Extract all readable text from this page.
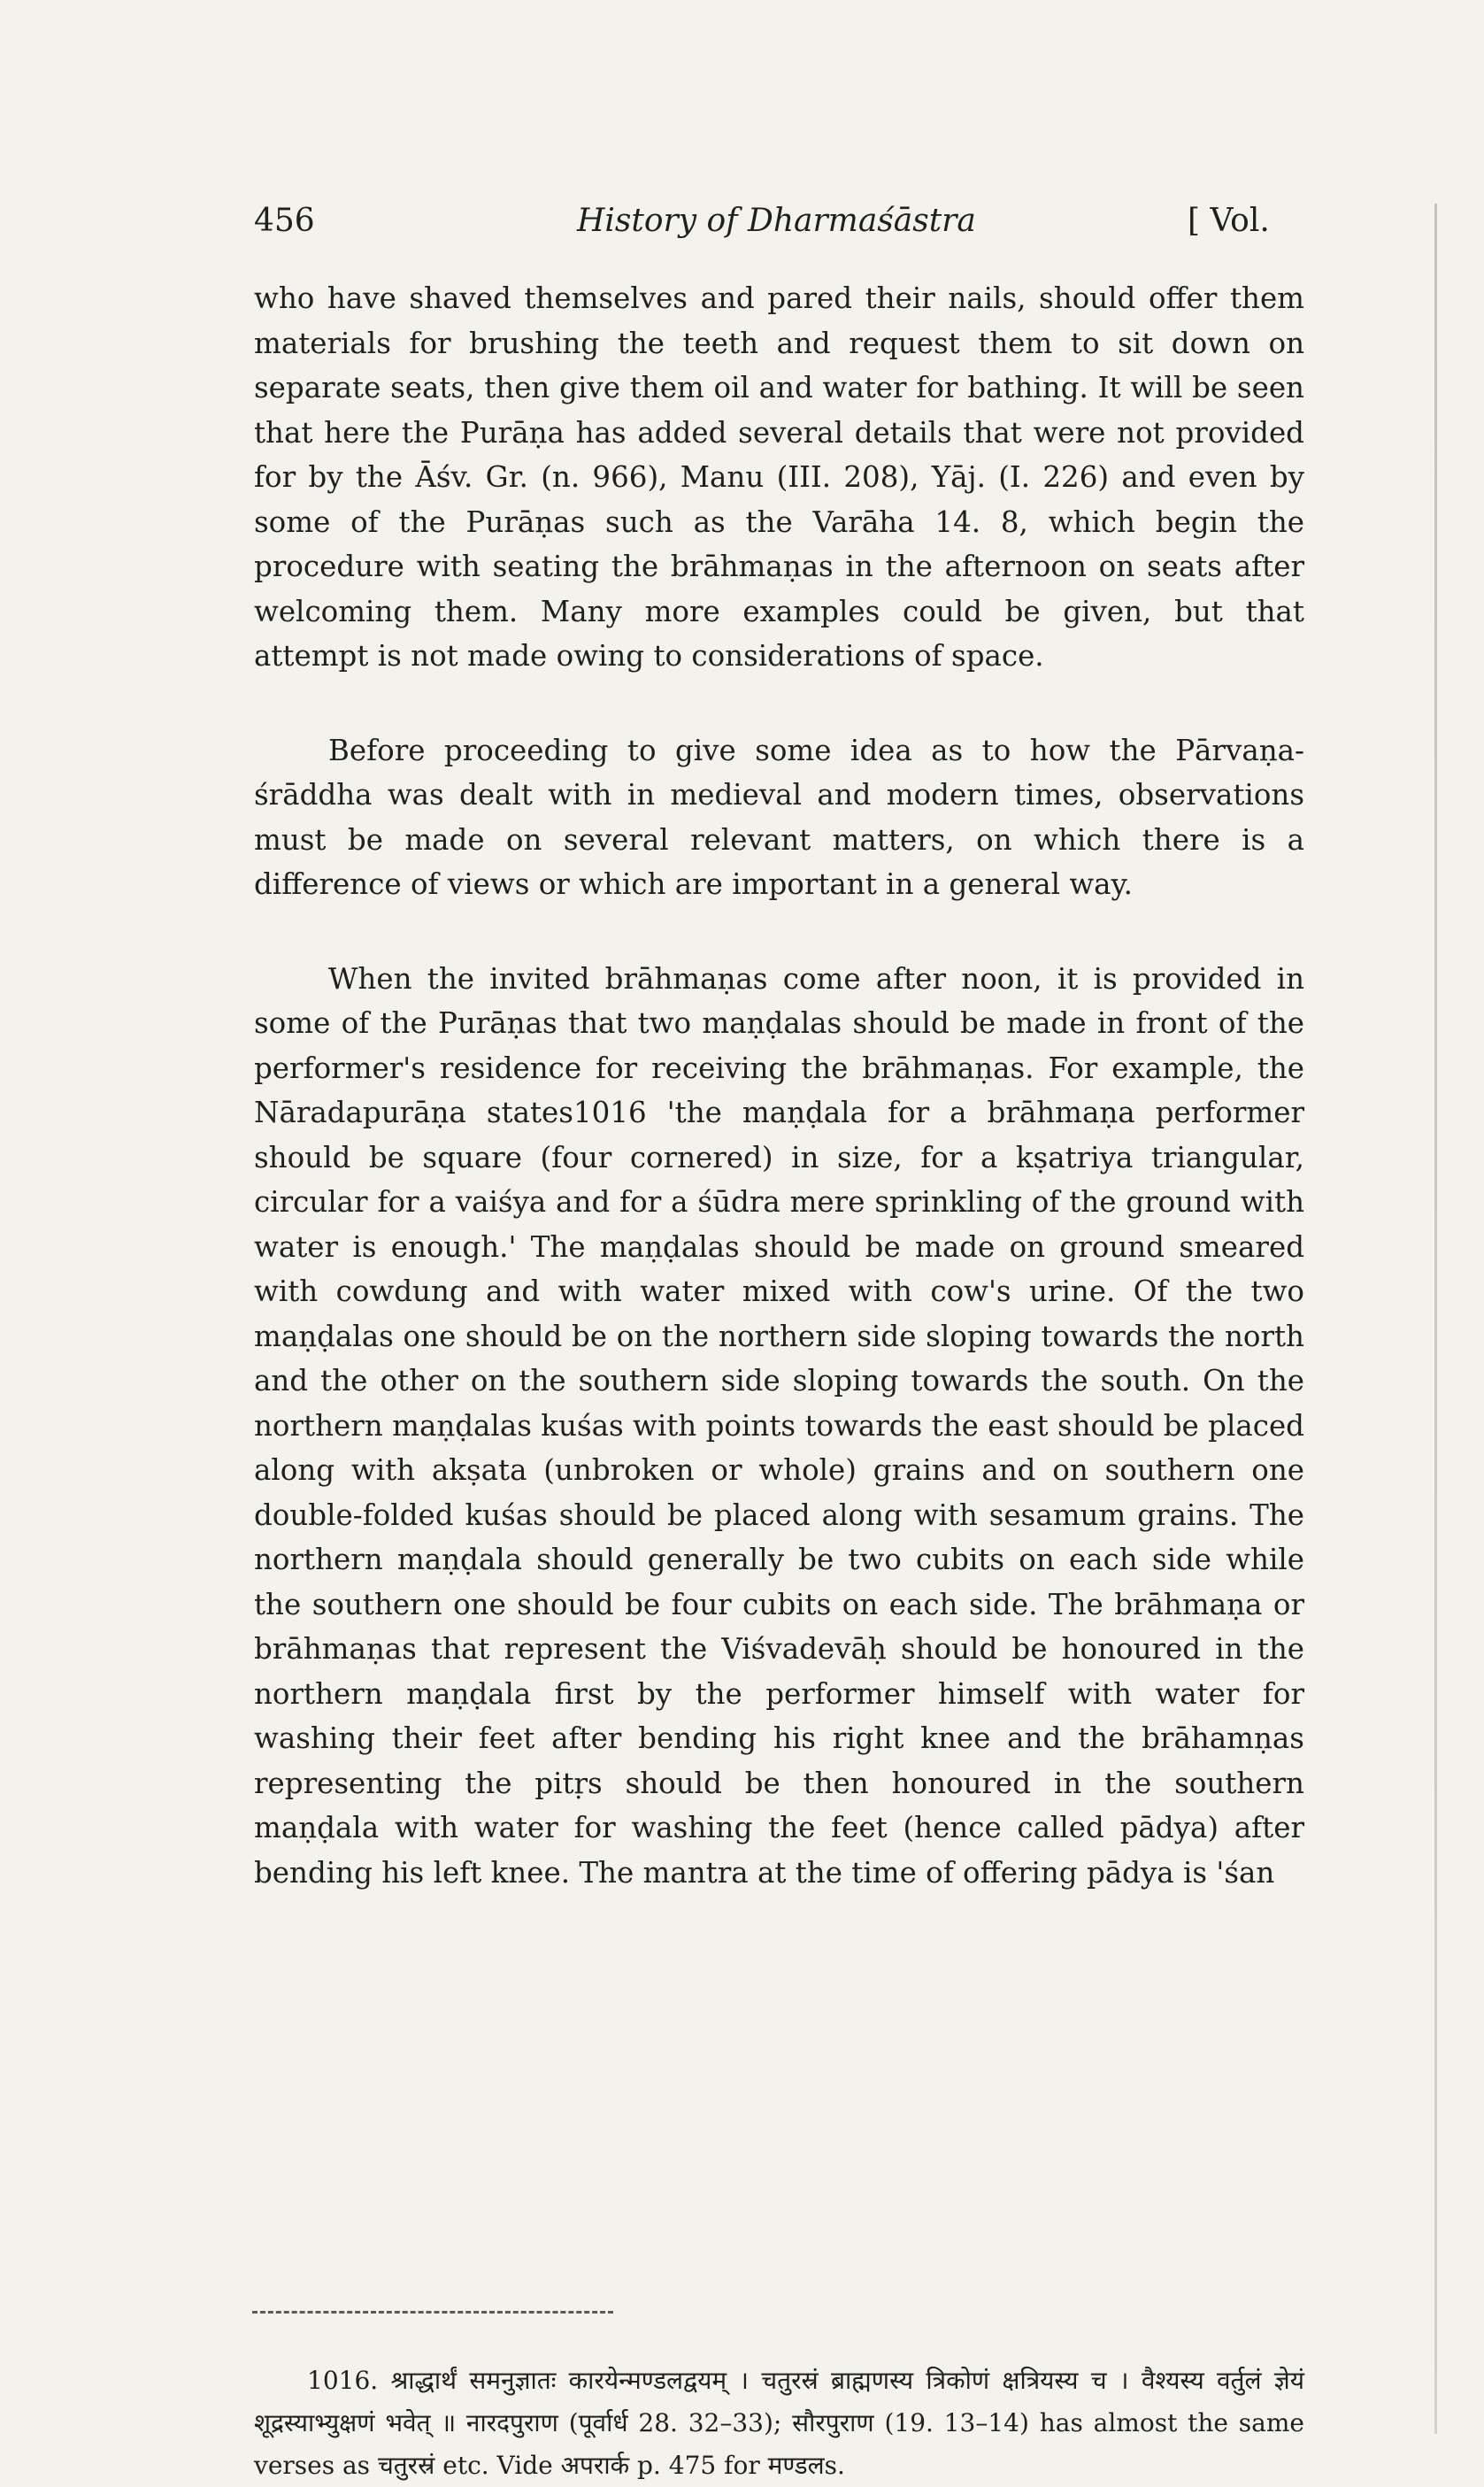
456	History of Dharmaśāstra	[ Vol.

who have shaved themselves and pared their nails, should offer them materials for brushing the teeth and request them to sit down on separate seats, then give them oil and water for bathing. It will be seen that here the Purāṇa has added several details that were not provided for by the Āśv. Gr. (n. 966), Manu (III. 208), Yāj. (I. 226) and even by some of the Purāṇas such as the Varāha 14. 8, which begin the procedure with seating the brāhmaṇas in the afternoon on seats after welcoming them. Many more examples could be given, but that attempt is not made owing to considerations of space.

Before proceeding to give some idea as to how the Pārvaṇa-śrāddha was dealt with in medieval and modern times, observations must be made on several relevant matters, on which there is a difference of views or which are important in a general way.

When the invited brāhmaṇas come after noon, it is provided in some of the Purāṇas that two maṇḍalas should be made in front of the performer's residence for receiving the brāhmaṇas. For example, the Nāradapurāṇa states1016 'the maṇḍala for a brāhmaṇa performer should be square (four cornered) in size, for a kṣatriya triangular, circular for a vaiśya and for a śūdra mere sprinkling of the ground with water is enough.' The maṇḍalas should be made on ground smeared with cowdung and with water mixed with cow's urine. Of the two maṇḍalas one should be on the northern side sloping towards the north and the other on the southern side sloping towards the south. On the northern maṇḍalas kuśas with points towards the east should be placed along with akṣata (unbroken or whole) grains and on southern one double-folded kuśas should be placed along with sesamum grains. The northern maṇḍala should generally be two cubits on each side while the southern one should be four cubits on each side. The brāhmaṇa or brāhmaṇas that represent the Viśvadevāḥ should be honoured in the northern maṇḍala first by the performer himself with water for washing their feet after bending his right knee and the brāhamṇas representing the pitṛs should be then honoured in the southern maṇḍala with water for washing the feet (hence called pādya) after bending his left knee. The mantra at the time of offering pādya is 'śan

1016. श्राद्धार्थं समनुज्ञातः कारयेन्मण्डलद्वयम् । चतुरस्रं ब्राह्मणस्य त्रिकोणं क्षत्रियस्य च । वैश्यस्य वर्तुलं ज्ञेयं शूद्रस्याभ्युक्षणं भवेत् ॥ नारदपुराण (पूर्वार्ध 28. 32–33); सौरपुराण (19. 13–14) has almost the same verses as चतुरस्रं etc. Vide अपरार्क p. 475 for मण्डलs.
